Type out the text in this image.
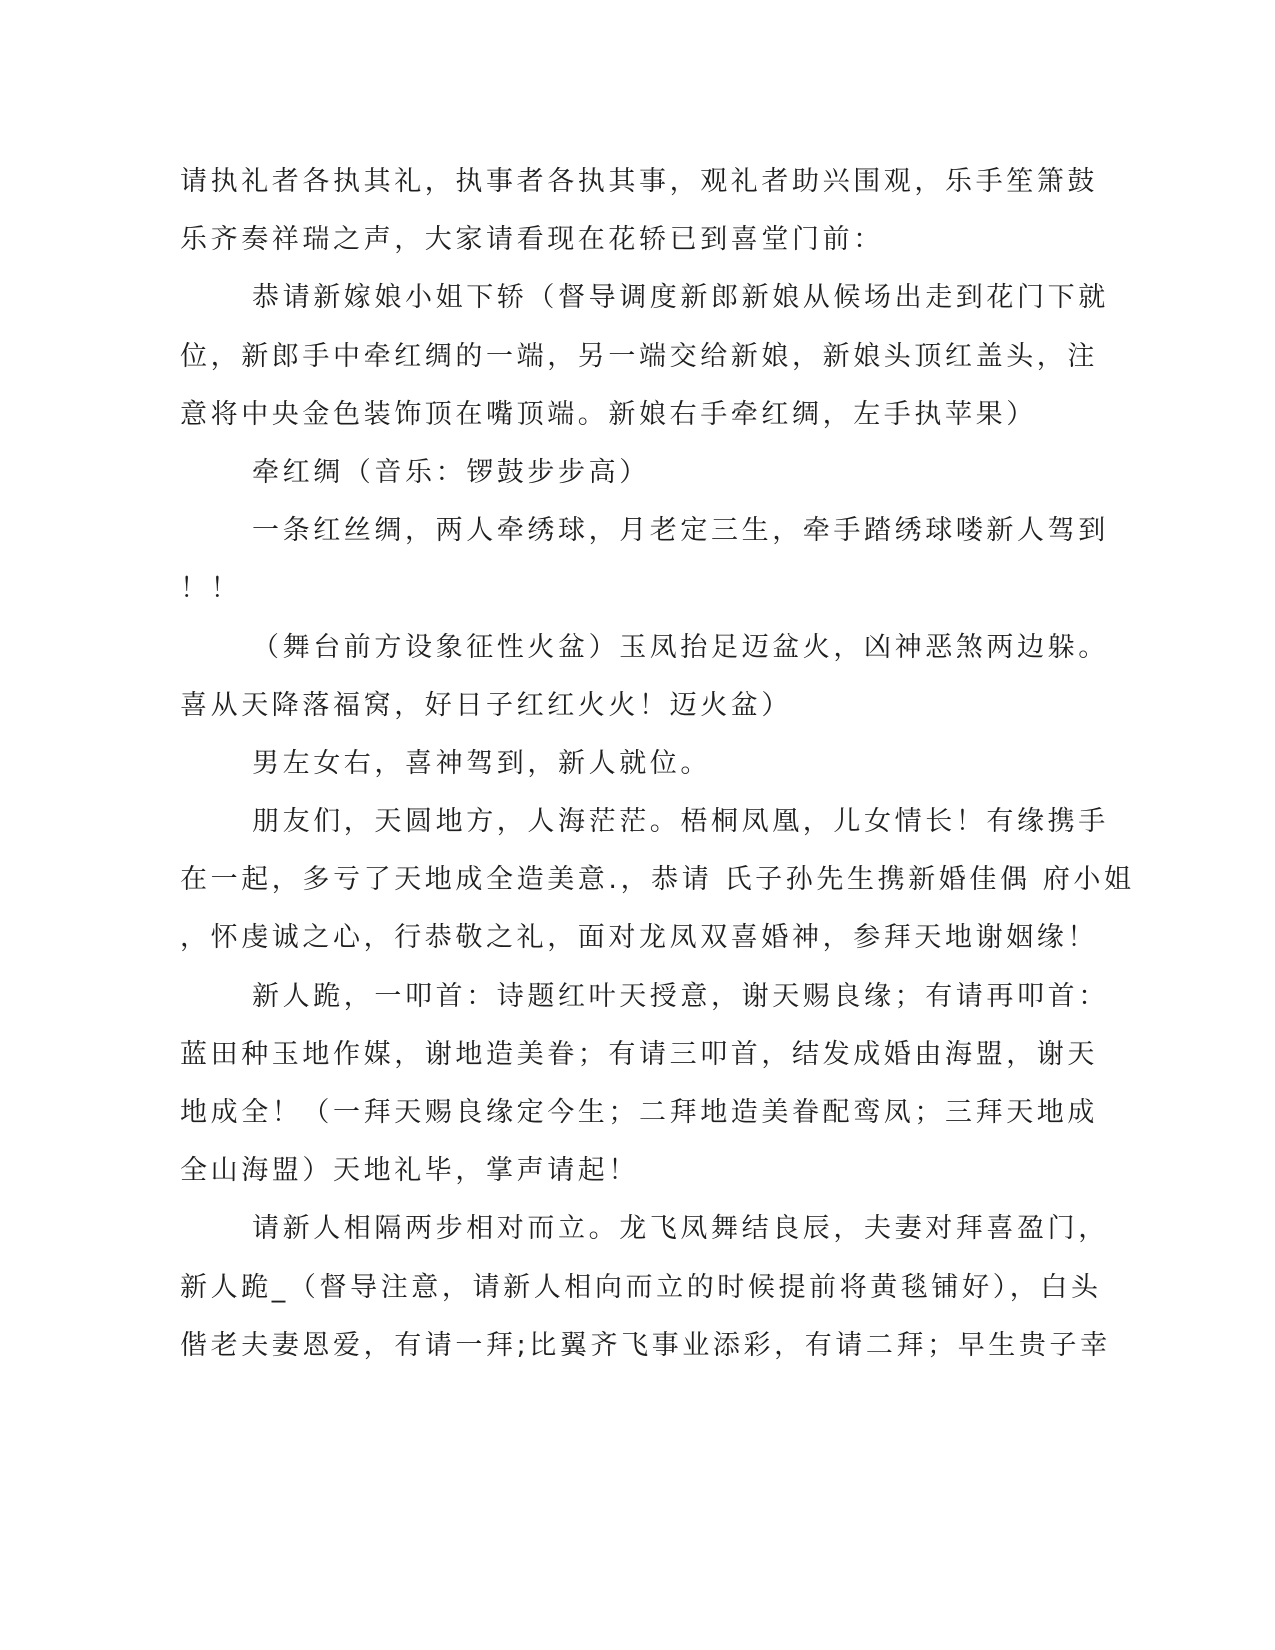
请执礼者各执其礼，执事者各执其事，观礼者助兴围观，乐手笙箫鼓
乐齐奏祥瑞之声，大家请看现在花轿已到喜堂门前：
恭请新嫁娘小姐下轿（督导调度新郎新娘从候场出走到花门下就
位，新郎手中牵红绸的一端，另一端交给新娘，新娘头顶红盖头，注
意将中央金色装饰顶在嘴顶端。新娘右手牵红绸，左手执苹果）
牵红绸（音乐：锣鼓步步高）
一条红丝绸，两人牵绣球，月老定三生，牵手踏绣球喽新人驾到
！！
（舞台前方设象征性火盆）玉凤抬足迈盆火，凶神恶煞两边躲。
喜从天降落福窝，好日子红红火火！迈火盆）
男左女右，喜神驾到，新人就位。
朋友们，天圆地方，人海茫茫。梧桐凤凰，儿女情长！有缘携手
在一起，多亏了天地成全造美意.，恭请 氏子孙先生携新婚佳偶 府小姐
，怀虔诚之心，行恭敬之礼，面对龙凤双喜婚神，参拜天地谢姻缘！
新人跪，一叩首：诗题红叶天授意，谢天赐良缘；有请再叩首：
蓝田种玉地作媒，谢地造美眷；有请三叩首，结发成婚由海盟，谢天
地成全！（一拜天赐良缘定今生；二拜地造美眷配鸾凤；三拜天地成
全山海盟）天地礼毕，掌声请起！
请新人相隔两步相对而立。龙飞凤舞结良辰，夫妻对拜喜盈门，
新人跪_（督导注意，请新人相向而立的时候提前将黄毯铺好），白头
偕老夫妻恩爱，有请一拜;比翼齐飞事业添彩，有请二拜；早生贵子幸
